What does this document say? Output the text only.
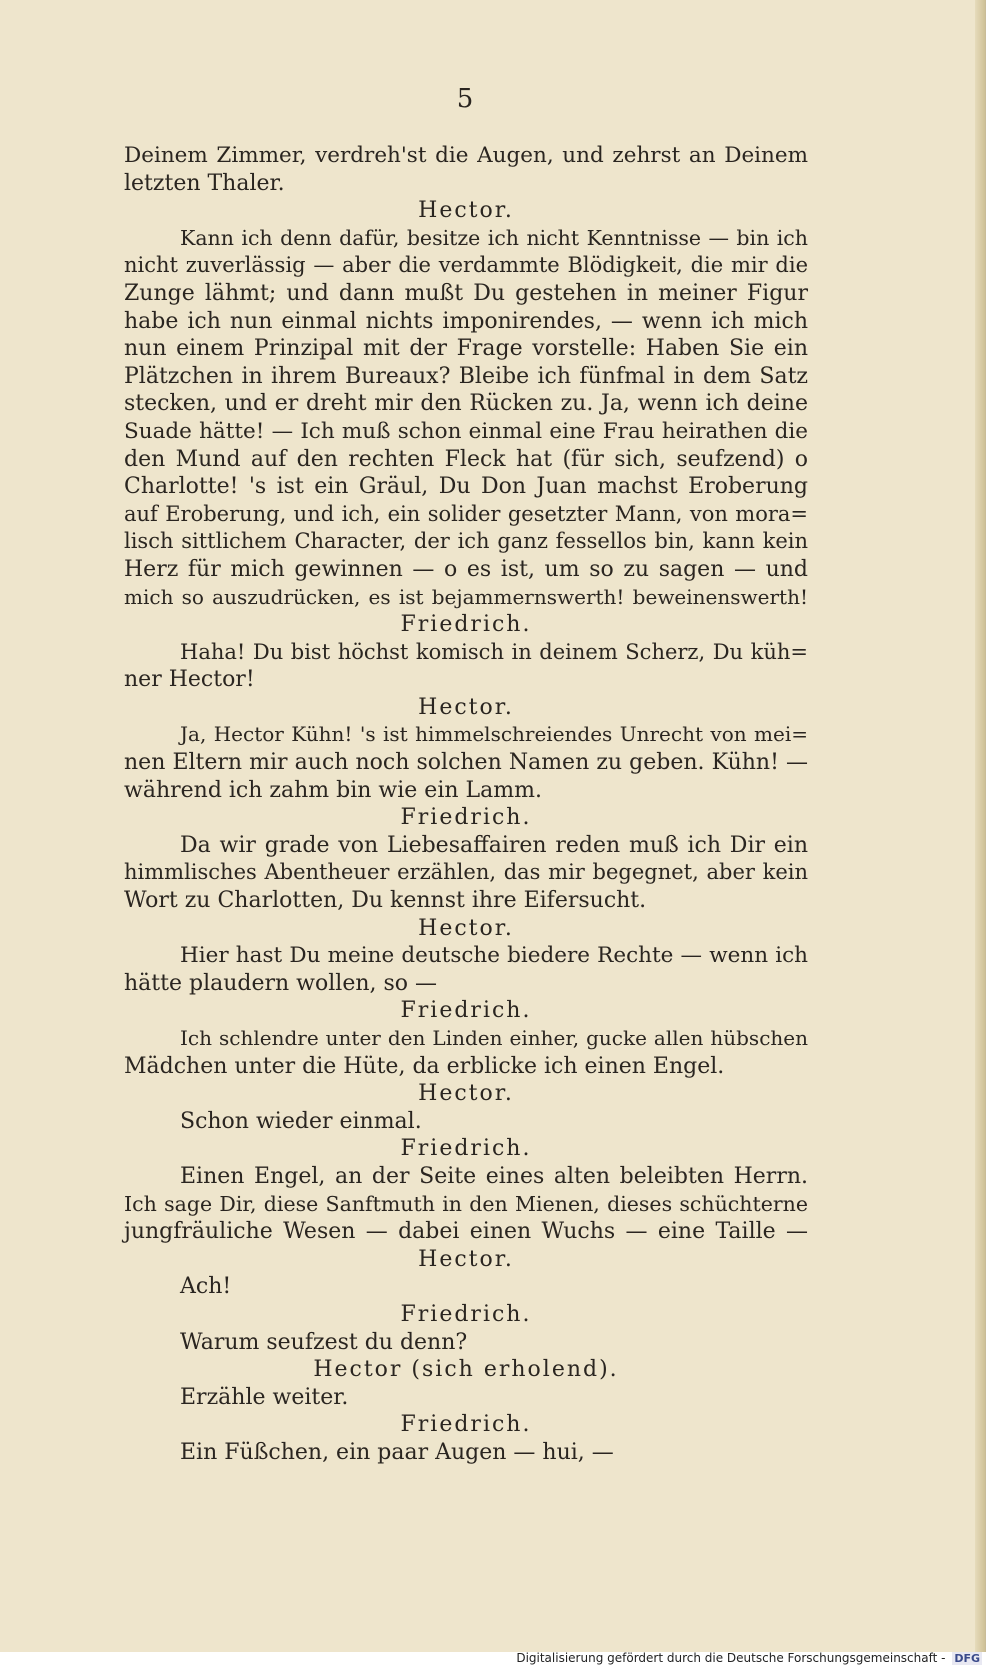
5
Deinem Zimmer, verdreh'st die Augen, und zehrst an Deinem
letzten Thaler.
Hector.
Kann ich denn dafür, besitze ich nicht Kenntnisse — bin ich
nicht zuverlässig — aber die verdammte Blödigkeit, die mir die
Zunge lähmt; und dann mußt Du gestehen in meiner Figur
habe ich nun einmal nichts imponirendes, — wenn ich mich
nun einem Prinzipal mit der Frage vorstelle: Haben Sie ein
Plätzchen in ihrem Bureaux? Bleibe ich fünfmal in dem Satz
stecken, und er dreht mir den Rücken zu. Ja, wenn ich deine
Suade hätte! — Ich muß schon einmal eine Frau heirathen die
den Mund auf den rechten Fleck hat (für sich, seufzend) o
Charlotte! 's ist ein Gräul, Du Don Juan machst Eroberung
auf Eroberung, und ich, ein solider gesetzter Mann, von mora=
lisch sittlichem Character, der ich ganz fessellos bin, kann kein
Herz für mich gewinnen — o es ist, um so zu sagen — und
mich so auszudrücken, es ist bejammernswerth! beweinenswerth!
Friedrich.
Haha! Du bist höchst komisch in deinem Scherz, Du küh=
ner Hector!
Hector.
Ja, Hector Kühn! 's ist himmelschreiendes Unrecht von mei=
nen Eltern mir auch noch solchen Namen zu geben. Kühn! —
während ich zahm bin wie ein Lamm.
Friedrich.
Da wir grade von Liebesaffairen reden muß ich Dir ein
himmlisches Abentheuer erzählen, das mir begegnet, aber kein
Wort zu Charlotten, Du kennst ihre Eifersucht.
Hector.
Hier hast Du meine deutsche biedere Rechte — wenn ich
hätte plaudern wollen, so —
Friedrich.
Ich schlendre unter den Linden einher, gucke allen hübschen
Mädchen unter die Hüte, da erblicke ich einen Engel.
Hector.
Schon wieder einmal.
Friedrich.
Einen Engel, an der Seite eines alten beleibten Herrn.
Ich sage Dir, diese Sanftmuth in den Mienen, dieses schüchterne
jungfräuliche Wesen — dabei einen Wuchs — eine Taille —
Hector.
Ach!
Friedrich.
Warum seufzest du denn?
Hector (sich erholend).
Erzähle weiter.
Friedrich.
Ein Füßchen, ein paar Augen — hui, —
Digitalisierung gefördert durch die Deutsche Forschungsgemeinschaft - DFG
